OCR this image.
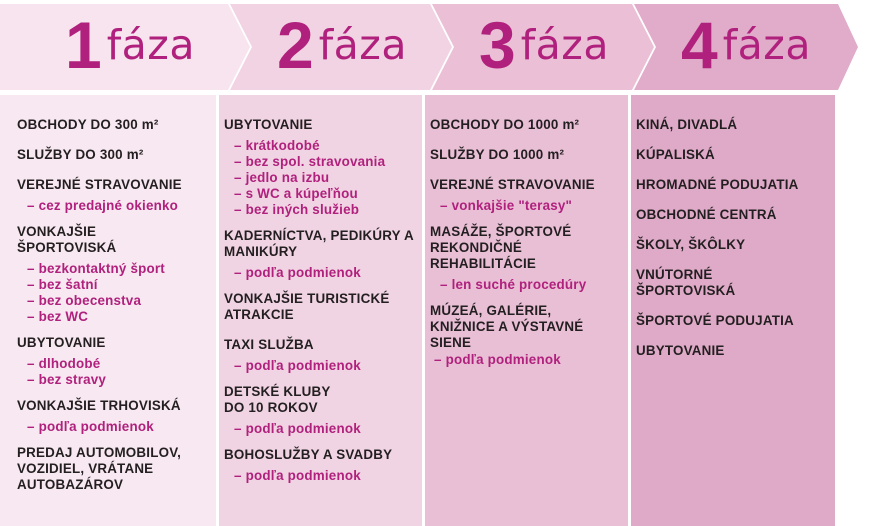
1 fáza 2 fáza 3 fáza 4 fáza
OBCHODY DO 300 m²
SLUŽBY DO 300 m²
VEREJNÉ STRAVOVANIE
– cez predajné okienko
VONKAJŠIE ŠPORTOVISKÁ
– bezkontaktný šport
– bez šatní
– bez obecenstva
– bez WC
UBYTOVANIE
– dlhodobé
– bez stravy
VONKAJŠIE TRHOVISKÁ
– podľa podmienok
PREDAJ AUTOMOBILOV, VOZIDIEL, VRÁTANE AUTOBAZÁROV
UBYTOVANIE
– krátkodobé
– bez spol. stravovania
– jedlo na izbu
– s WC a kúpeľňou
– bez iných služieb
KADERNÍCTVA, PEDIKÚRY A MANIKÚRY
– podľa podmienok
VONKAJŠIE TURISTICKÉ ATRAKCIE
TAXI SLUŽBA
– podľa podmienok
DETSKÉ KLUBY DO 10 ROKOV
– podľa podmienok
BOHOSLUŽBY A SVADBY
– podľa podmienok
OBCHODY DO 1000 m²
SLUŽBY DO 1000 m²
VEREJNÉ STRAVOVANIE
– vonkajšie "terasy"
MASÁŽE, ŠPORTOVÉ REKONDIČNÉ REHABILITÁCIE
– len suché procedúry
MÚZEÁ, GALÉRIE, KNIŽNICE A VÝSTAVNÉ SIENE
– podľa podmienok
KINÁ, DIVADLÁ
KÚPALISKÁ
HROMADNÉ PODUJATIA
OBCHODNÉ CENTRÁ
ŠKOLY, ŠKÔLKY
VNÚTORNÉ ŠPORTOVISKÁ
ŠPORTOVÉ PODUJATIA
UBYTOVANIE
